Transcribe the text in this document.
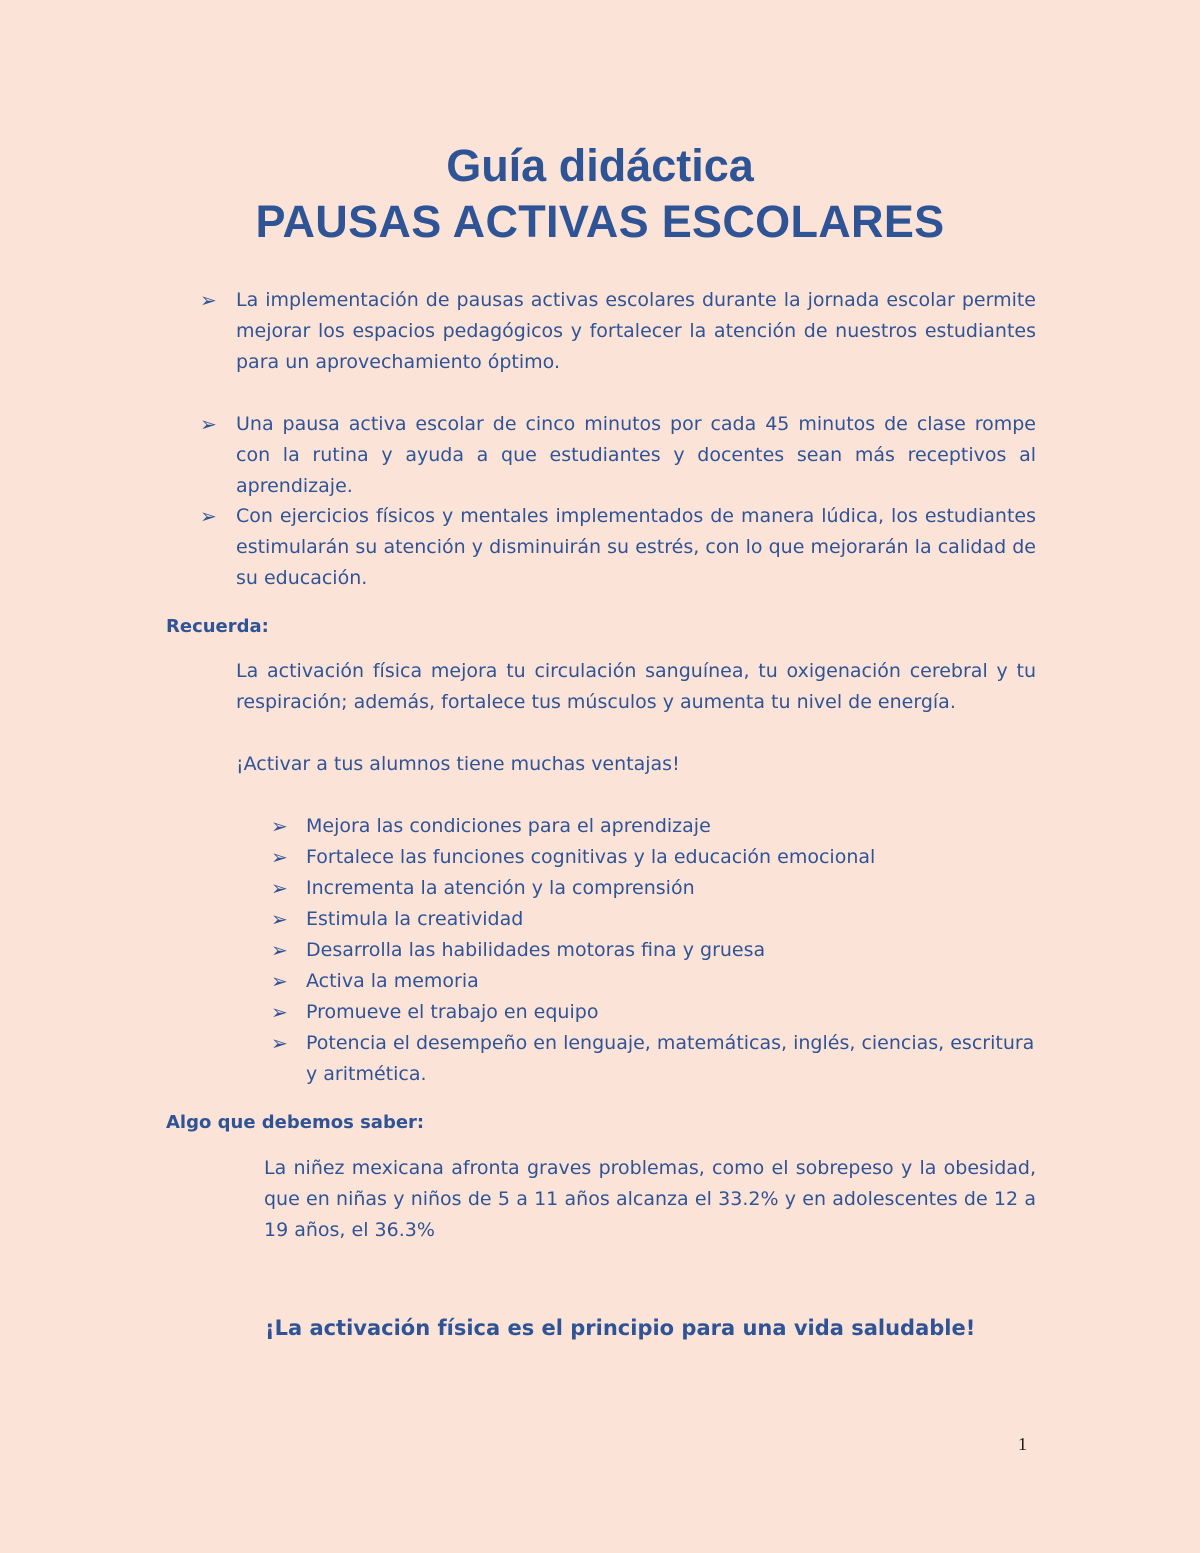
Guía didáctica
PAUSAS ACTIVAS ESCOLARES
➢ La implementación de pausas activas escolares durante la jornada escolar permite mejorar los espacios pedagógicos y fortalecer la atención de nuestros estudiantes para un aprovechamiento óptimo.
➢ Una pausa activa escolar de cinco minutos por cada 45 minutos de clase rompe con la rutina y ayuda a que estudiantes y docentes sean más receptivos al aprendizaje.
➢ Con ejercicios físicos y mentales implementados de manera lúdica, los estudiantes estimularán su atención y disminuirán su estrés, con lo que mejorarán la calidad de su educación.
Recuerda:
La activación física mejora tu circulación sanguínea, tu oxigenación cerebral y tu respiración; además, fortalece tus músculos y aumenta tu nivel de energía.
¡Activar a tus alumnos tiene muchas ventajas!
➢ Mejora las condiciones para el aprendizaje
➢ Fortalece las funciones cognitivas y la educación emocional
➢ Incrementa la atención y la comprensión
➢ Estimula la creatividad
➢ Desarrolla las habilidades motoras fina y gruesa
➢ Activa la memoria
➢ Promueve el trabajo en equipo
➢ Potencia el desempeño en lenguaje, matemáticas, inglés, ciencias, escritura y aritmética.
Algo que debemos saber:
La niñez mexicana afronta graves problemas, como el sobrepeso y la obesidad, que en niñas y niños de 5 a 11 años alcanza el 33.2% y en adolescentes de 12 a 19 años, el 36.3%
¡La activación física es el principio para una vida saludable!
1
